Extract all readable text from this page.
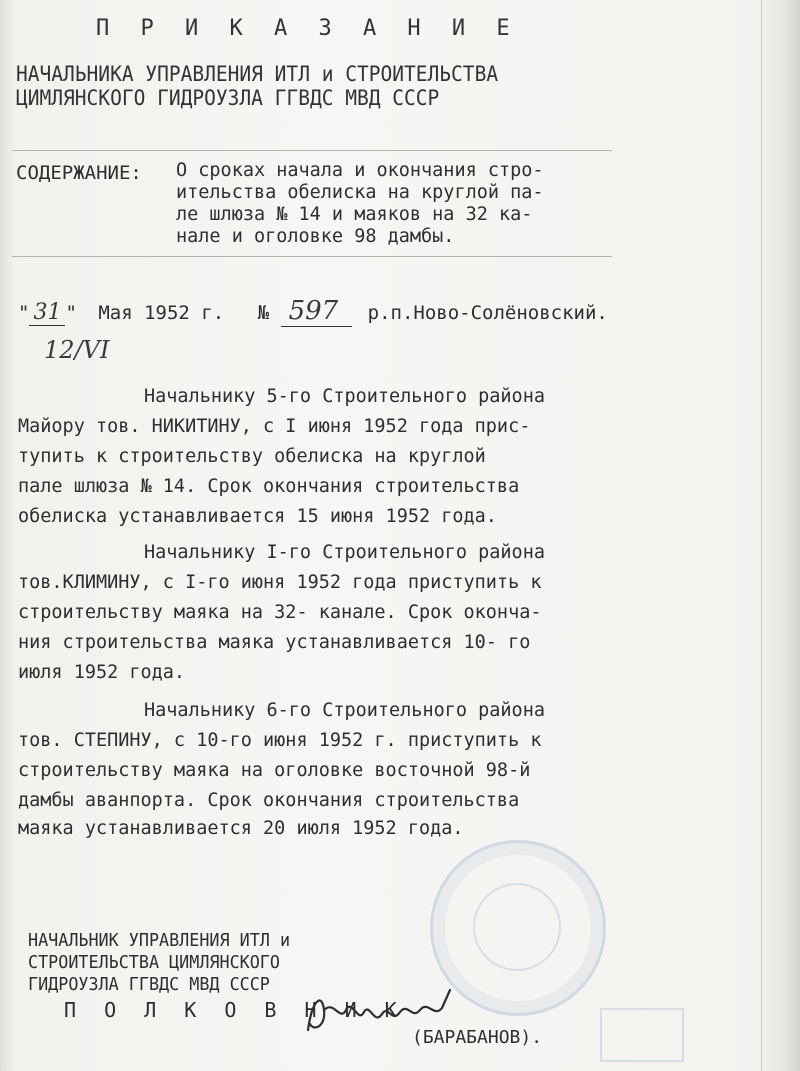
П Р И К А З А Н И Е
НАЧАЛЬНИКА УПРАВЛЕНИЯ ИТЛ и СТРОИТЕЛЬСТВА
ЦИМЛЯНСКОГО ГИДРОУЗЛА ГГВДС МВД СССР
СОДЕРЖАНИЕ: О сроках начала и окончания стро-
ительства обелиска на круглой па-
ле шлюза № 14 и маяков на 32 ка-
нале и оголовке 98 дамбы.
" 31 " Мая 1952 г. № 597 р.п.Ново-Солёновский.
12/VI
Начальнику 5-го Строительного района
Майору тов. НИКИТИНУ, с I июня 1952 года прис-
тупить к строительству обелиска на круглой
пале шлюза № 14. Срок окончания строительства
обелиска устанавливается 15 июня 1952 года.
Начальнику I-го Строительного района
тов.КЛИМИНУ, с I-го июня 1952 года приступить к
строительству маяка на 32- канале. Срок оконча-
ния строительства маяка устанавливается 10- го
июля 1952 года.
Начальнику 6-го Строительного района
тов. СТЕПИНУ, с 10-го июня 1952 г. приступить к
строительству маяка на оголовке восточной 98-й
дамбы аванпорта. Срок окончания строительства
маяка устанавливается 20 июля 1952 года.
НАЧАЛЬНИК УПРАВЛЕНИЯ ИТЛ и
СТРОИТЕЛЬСТВА ЦИМЛЯНСКОГО
ГИДРОУЗЛА ГГВДС МВД СССР
П О Л К О В Н И К
(БАРАБАНОВ).
